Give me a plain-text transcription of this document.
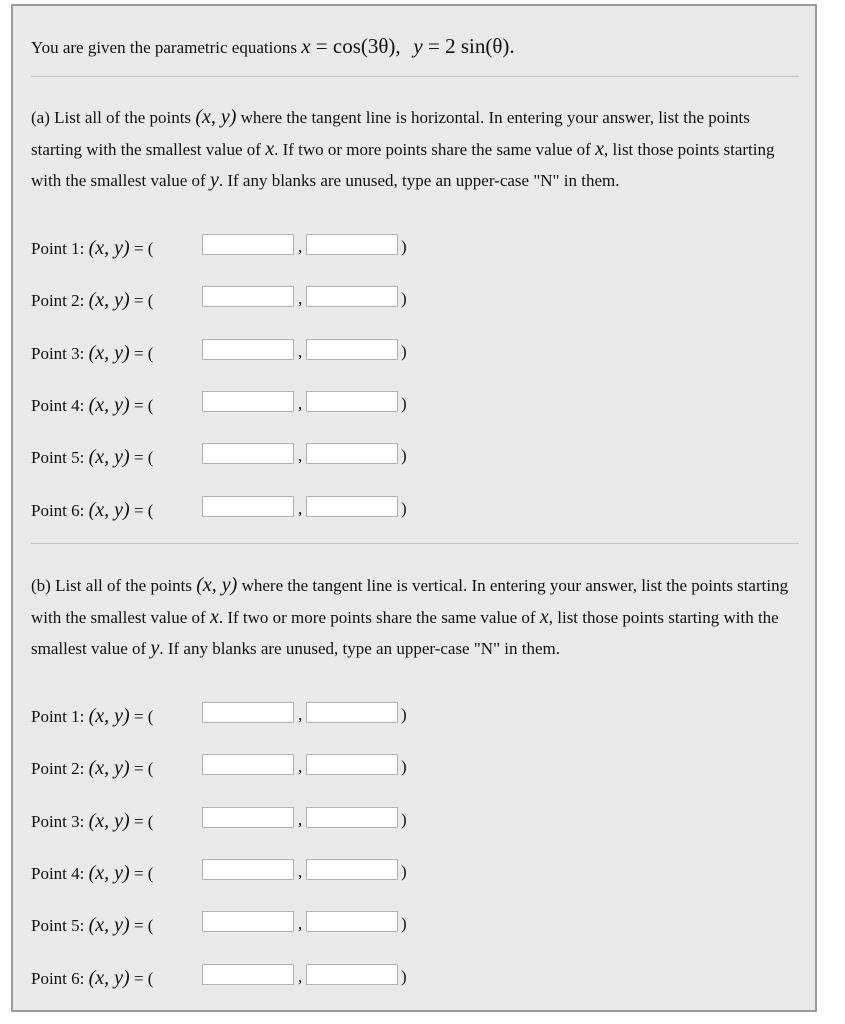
You are given the parametric equations x = cos(3θ), y = 2 sin(θ).
(a) List all of the points (x, y) where the tangent line is horizontal. In entering your answer, list the points starting with the smallest value of x. If two or more points share the same value of x, list those points starting with the smallest value of y. If any blanks are unused, type an upper-case "N" in them.
Point 1: (x, y) = (	,	)
Point 2: (x, y) = (	,	)
Point 3: (x, y) = (	,	)
Point 4: (x, y) = (	,	)
Point 5: (x, y) = (	,	)
Point 6: (x, y) = (	,	)
(b) List all of the points (x, y) where the tangent line is vertical. In entering your answer, list the points starting with the smallest value of x. If two or more points share the same value of x, list those points starting with the smallest value of y. If any blanks are unused, type an upper-case "N" in them.
Point 1: (x, y) = (	,	)
Point 2: (x, y) = (	,	)
Point 3: (x, y) = (	,	)
Point 4: (x, y) = (	,	)
Point 5: (x, y) = (	,	)
Point 6: (x, y) = (	,	)
